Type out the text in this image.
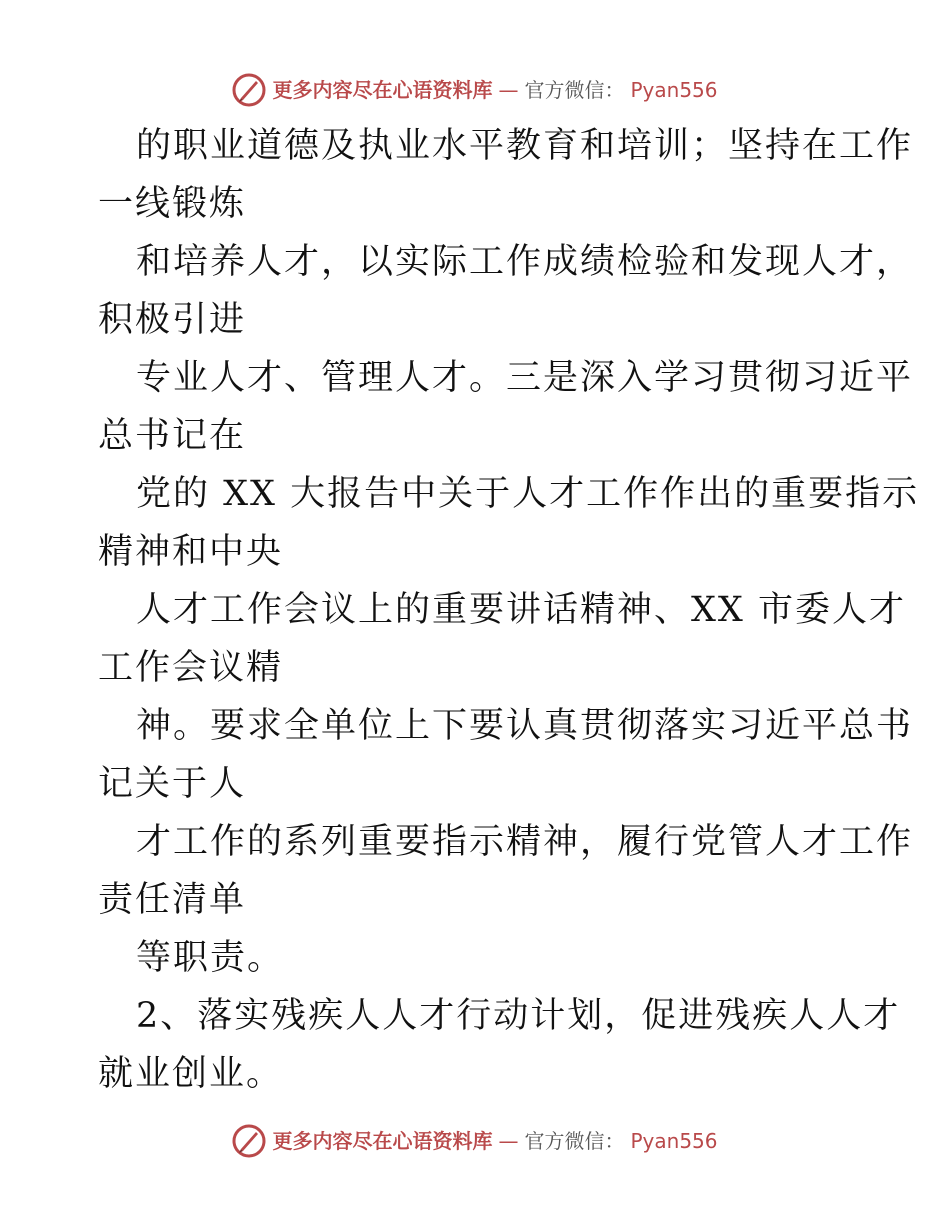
更多内容尽在心语资料库 — 官方微信： Pyan556
的职业道德及执业水平教育和培训；坚持在工作
一线锻炼
和培养人才，以实际工作成绩检验和发现人才，
积极引进
专业人才、管理人才。三是深入学习贯彻习近平
总书记在
党的 XX 大报告中关于人才工作作出的重要指示
精神和中央
人才工作会议上的重要讲话精神、XX 市委人才
工作会议精
神。要求全单位上下要认真贯彻落实习近平总书
记关于人
才工作的系列重要指示精神，履行党管人才工作
责任清单
等职责。
2、落实残疾人人才行动计划，促进残疾人人才
就业创业。
更多内容尽在心语资料库 — 官方微信： Pyan556
